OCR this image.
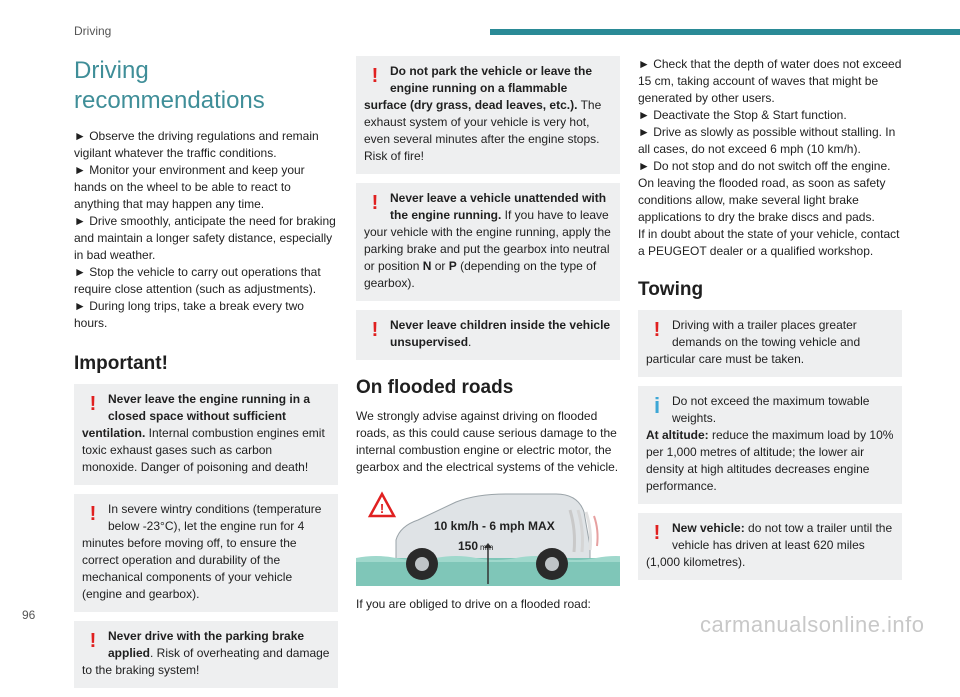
Driving
Driving recommendations

► Observe the driving regulations and remain vigilant whatever the traffic conditions.

► Monitor your environment and keep your hands on the wheel to be able to react to anything that may happen any time.

► Drive smoothly, anticipate the need for braking and maintain a longer safety distance, especially in bad weather.

► Stop the vehicle to carry out operations that require close attention (such as adjustments).

► During long trips, take a break every two hours.

Important!
! Never leave the engine running in a closed space without sufficient ventilation. Internal combustion engines emit toxic exhaust gases such as carbon monoxide. Danger of poisoning and death!

! In severe wintry conditions (temperature below -23°C), let the engine run for 4 minutes before moving off, to ensure the correct operation and durability of the mechanical components of your vehicle (engine and gearbox).

! Never drive with the parking brake applied. Risk of overheating and damage to the braking system!

! Do not park the vehicle or leave the engine running on a flammable surface (dry grass, dead leaves, etc.). The exhaust system of your vehicle is very hot, even several minutes after the engine stops. Risk of fire!

! Never leave a vehicle unattended with the engine running. If you have to leave your vehicle with the engine running, apply the parking brake and put the gearbox into neutral or position N or P (depending on the type of gearbox).

! Never leave children inside the vehicle unsupervised.

On flooded roads

We strongly advise against driving on flooded roads, as this could cause serious damage to the internal combustion engine or electric motor, the gearbox and the electrical systems of the vehicle.

!
10 km/h - 6 mph MAX
150 mm

If you are obliged to drive on a flooded road:

► Check that the depth of water does not exceed 15 cm, taking account of waves that might be generated by other users.

► Deactivate the Stop & Start function.

► Drive as slowly as possible without stalling. In all cases, do not exceed 6 mph (10 km/h).

► Do not stop and do not switch off the engine.

On leaving the flooded road, as soon as safety conditions allow, make several light brake applications to dry the brake discs and pads.

If in doubt about the state of your vehicle, contact a PEUGEOT dealer or a qualified workshop.

Towing
! Driving with a trailer places greater demands on the towing vehicle and particular care must be taken.

i Do not exceed the maximum towable weights.

At altitude: reduce the maximum load by 10% per 1,000 metres of altitude; the lower air density at high altitudes decreases engine performance.

! New vehicle: do not tow a trailer until the vehicle has driven at least 620 miles (1,000 kilometres).

96	carmanualsonline.info
